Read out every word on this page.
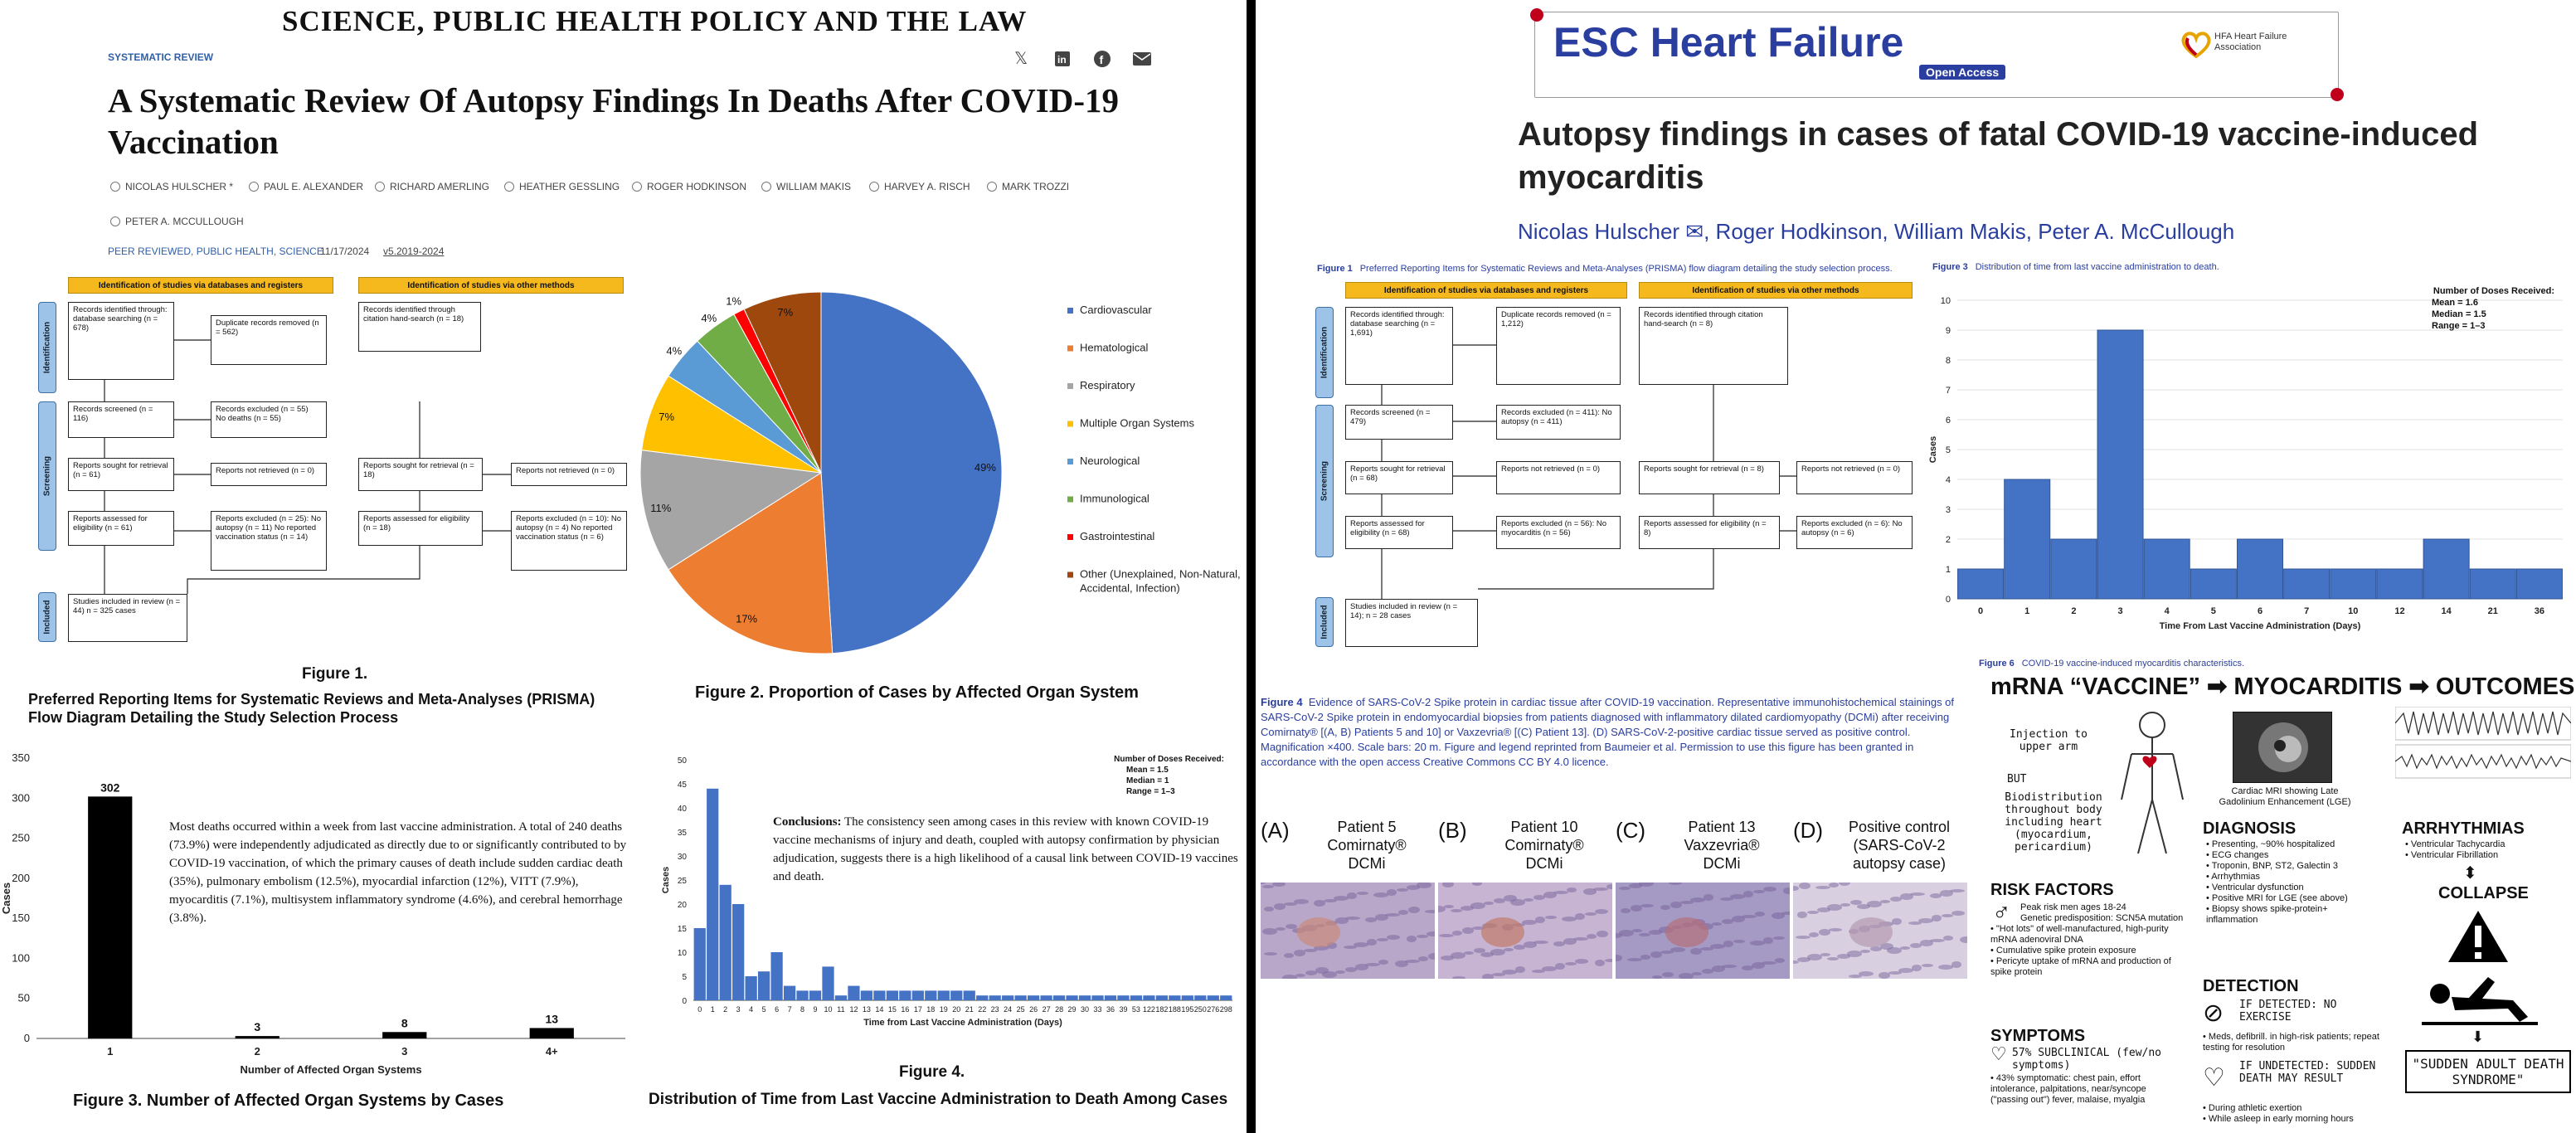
SCIENCE, PUBLIC HEALTH POLICY AND THE LAW
SYSTEMATIC REVIEW	𝕏	in	f
A Systematic Review Of Autopsy Findings In Deaths After COVID-19 Vaccination
NICOLAS HULSCHER *	PAUL E. ALEXANDER	RICHARD AMERLING	HEATHER GESSLING	ROGER HODKINSON	WILLIAM MAKIS	HARVEY A. RISCH	MARK TROZZI
PETER A. MCCULLOUGH
PEER REVIEWED, PUBLIC HEALTH, SCIENCE
11/17/2024 v5.2019-2024
Identification of studies via databases and registers	Identification of studies via other methods
Identification
Screening
Included
Records identified through: database searching (n = 678)
Duplicate records removed (n = 562)
Records screened (n = 116)
Records excluded (n = 55)
No deaths (n = 55)
Reports sought for retrieval (n = 61)	Reports not retrieved (n = 0)
Reports assessed for eligibility (n = 61)
Reports excluded (n = 25): No autopsy (n = 11) No reported vaccination status (n = 14)
Studies included in review (n = 44) n = 325 cases
Records identified through citation hand-search (n = 18)
Reports sought for retrieval (n = 18)	Reports not retrieved (n = 0)
Reports assessed for eligibility (n = 18)
Reports excluded (n = 10): No autopsy (n = 4) No reported vaccination status (n = 6)
Figure 1.
Preferred Reporting Items for Systematic Reviews and Meta-Analyses (PRISMA) Flow Diagram Detailing the Study Selection Process
49%
17%
11%
7%
4%
4%
1%
7%	Cardiovascular
Hematological
Respiratory
Multiple Organ Systems
Neurological
Immunological
Gastrointestinal
Other (Unexplained, Non-Natural,
Accidental, Infection)
Figure 2. Proportion of Cases by Affected Organ System
0
50
100
150
200
250
300
350
302
1
3
2
8
3
13
4+
Number of Affected Organ Systems
Cases
Most deaths occurred within a week from last vaccine administration. A total of 240 deaths (73.9%) were independently adjudicated as directly due to or significantly contributed to by COVID-19 vaccination, of which the primary causes of death include sudden cardiac death (35%), pulmonary embolism (12.5%), myocardial infarction (12%), VITT (7.9%), myocarditis (7.1%), multisystem inflammatory syndrome (4.6%), and cerebral hemorrhage (3.8%).
Figure 3. Number of Affected Organ Systems by Cases
0
5
10
15
20
25
30
35
40
45
50
0 1 2 3 4 5 6 7 8 9 10 11 12 13 14 15 16 17 18 19 20 21 22 23 24 25 26 27 28 29 30 33 36 39 53 122 182 188 195 250 276 298
Time from Last Vaccine Administration (Days)
Cases
Number of Doses Received:
Mean = 1.5
Median = 1
Range = 1–3
Conclusions: The consistency seen among cases in this review with known COVID-19 vaccine mechanisms of injury and death, coupled with autopsy confirmation by physician adjudication, suggests there is a high likelihood of a causal link between COVID-19 vaccines and death.
Figure 4.
Distribution of Time from Last Vaccine Administration to Death Among Cases
ESC Heart Failure
Open Access
HFA Heart Failure Association
Autopsy findings in cases of fatal COVID-19 vaccine-induced myocarditis
Nicolas Hulscher ✉, Roger Hodkinson, William Makis, Peter A. McCullough
Figure 1 Preferred Reporting Items for Systematic Reviews and Meta-Analyses (PRISMA) flow diagram detailing the study selection process.
Identification of studies via databases and registers	Identification of studies via other methods
Identification
Screening
Included
Records identified through: database searching (n = 1,691)
Duplicate records removed (n = 1,212)
Records screened (n = 479)
Records excluded (n = 411): No autopsy (n = 411)
Reports sought for retrieval (n = 68)
Reports not retrieved (n = 0)
Reports assessed for eligibility (n = 68)
Reports excluded (n = 56): No myocarditis (n = 56)
Studies included in review (n = 14); n = 28 cases
Records identified through citation hand-search (n = 8)
Reports sought for retrieval (n = 8)	Reports not retrieved (n = 0)
Reports assessed for eligibility (n = 8)
Reports excluded (n = 6): No autopsy (n = 6)
Figure 3 Distribution of time from last vaccine administration to death.
0
1
2
3
4
5
6
7
8
9
10
0	1	2	3	4	5	6	7	10	12	14	21	36
Time From Last Vaccine Administration (Days)
Cases
Number of Doses Received:
Mean = 1.6
Median = 1.5
Range = 1–3
Figure 6 COVID-19 vaccine-induced myocarditis characteristics.
Figure 4 Evidence of SARS-CoV-2 Spike protein in cardiac tissue after COVID-19 vaccination. Representative immunohistochemical stainings of SARS-CoV-2 Spike protein in endomyocardial biopsies from patients diagnosed with inflammatory dilated cardiomyopathy (DCMi) after receiving Comirnaty® [(A, B) Patients 5 and 10] or Vaxzevria® [(C) Patient 13]. (D) SARS-CoV-2-positive cardiac tissue served as positive control. Magnification ×400. Scale bars: 20 m. Figure and legend reprinted from Baumeier et al. Permission to use this figure has been granted in accordance with the open access Creative Commons CC BY 4.0 licence.
(A)	Patient 5
Comirnaty®
DCMi
(B)	Patient 10
Comirnaty®
DCMi
(C)	Patient 13
Vaxzevria®
DCMi
(D)	Positive control
(SARS-CoV-2
autopsy case)
mRNA “VACCINE” ➡ MYOCARDITIS ➡ OUTCOMES
Injection to upper arm
BUT
Biodistribution throughout body including heart (myocardium, pericardium)
Cardiac MRI showing Late Gadolinium Enhancement (LGE)
DIAGNOSIS
• Presenting, ~90% hospitalized
• ECG changes
• Troponin, BNP, ST2, Galectin 3
• Arrhythmias
• Ventricular dysfunction
• Positive MRI for LGE (see above)
• Biopsy shows spike-protein+ inflammation
ARRHYTHMIAS
• Ventricular Tachycardia
• Ventricular Fibrillation
⬍
COLLAPSE
⬇
"SUDDEN ADULT DEATH SYNDROME"
RISK FACTORS
♂	Peak risk men ages 18-24
Genetic predisposition: SCN5A mutation
• "Hot lots" of well-manufactured, high-purity mRNA adenoviral DNA
• Cumulative spike protein exposure
• Pericyte uptake of mRNA and production of spike protein
DETECTION
⊘ IF DETECTED: NO EXERCISE
• Meds, defibrill. in high-risk patients; repeat testing for resolution
♡ IF UNDETECTED: SUDDEN DEATH MAY RESULT
• During athletic exertion
• While asleep in early morning hours
SYMPTOMS
♡ 57% SUBCLINICAL (few/no symptoms)
• 43% symptomatic: chest pain, effort intolerance, palpitations, near/syncope ("passing out") fever, malaise, myalgia
